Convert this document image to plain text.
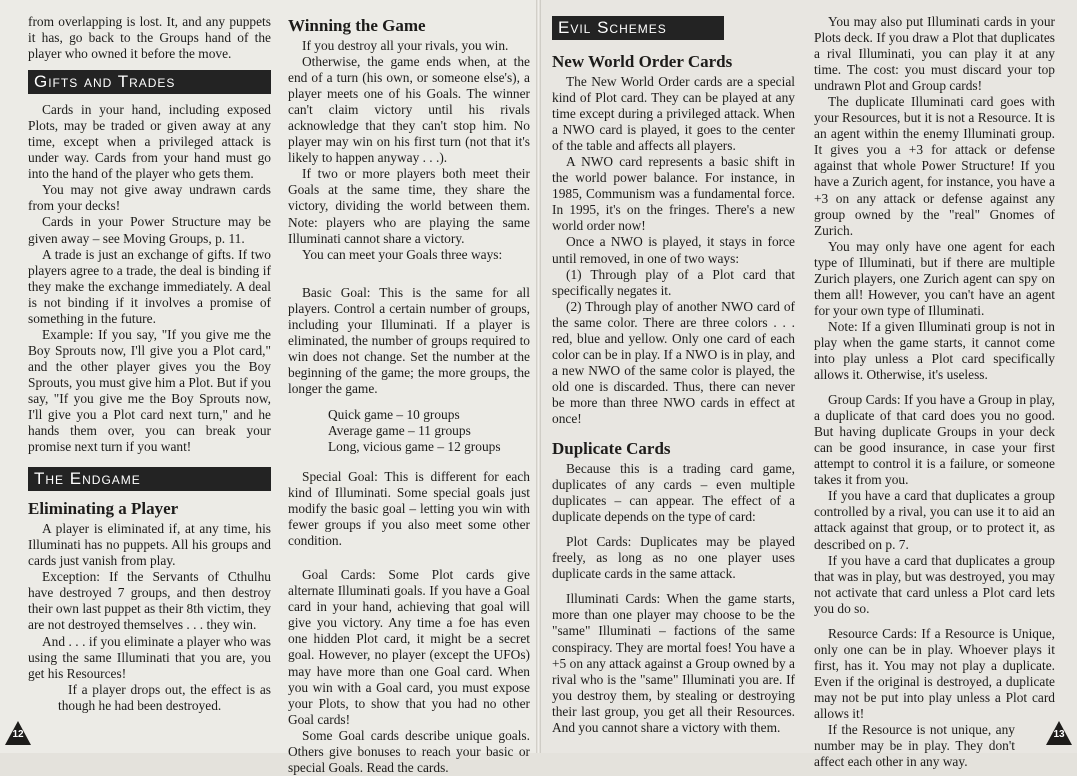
from overlapping is lost. It, and any puppets it has, go back to the Groups hand of the player who owned it before the move.

Gifts and Trades

Cards in your hand, including exposed Plots, may be traded or given away at any time, except when a privileged attack is under way. Cards from your hand must go into the hand of the player who gets them.

You may not give away undrawn cards from your decks!

Cards in your Power Structure may be given away – see Moving Groups, p. 11.

A trade is just an exchange of gifts. If two players agree to a trade, the deal is binding if they make the exchange immediately. A deal is not binding if it involves a promise of something in the future.

Example: If you say, "If you give me the Boy Sprouts now, I'll give you a Plot card," and the other player gives you the Boy Sprouts, you must give him a Plot. But if you say, "If you give me the Boy Sprouts now, I'll give you a Plot card next turn," and he hands them over, you can break your promise next turn if you want!

The Endgame
Eliminating a Player

A player is eliminated if, at any time, his Illuminati has no puppets. All his groups and cards just vanish from play.

Exception: If the Servants of Cthulhu have destroyed 7 groups, and then destroy their own last puppet as their 8th victim, they are not destroyed themselves . . . they win.

And . . . if you eliminate a player who was using the same Illuminati that you are, you get his Resources!

If a player drops out, the effect is as though he had been destroyed.

Winning the Game

If you destroy all your rivals, you win.

Otherwise, the game ends when, at the end of a turn (his own, or someone else's), a player meets one of his Goals. The winner can't claim victory until his rivals acknowledge that they can't stop him. No player may win on his first turn (not that it's likely to happen anyway . . .).

If two or more players both meet their Goals at the same time, they share the victory, dividing the world between them. Note: players who are playing the same Illuminati cannot share a victory.

You can meet your Goals three ways:

Basic Goal: This is the same for all players. Control a certain number of groups, including your Illuminati. If a player is eliminated, the number of groups required to win does not change. Set the number at the beginning of the game; the more groups, the longer the game.

Quick game – 10 groups
Average game – 11 groups
Long, vicious game – 12 groups

Special Goal: This is different for each kind of Illuminati. Some special goals just modify the basic goal – letting you win with fewer groups if you also meet some other condition.

Goal Cards: Some Plot cards give alternate Illuminati goals. If you have a Goal card in your hand, achieving that goal will give you victory. Any time a foe has even one hidden Plot card, it might be a secret goal. However, no player (except the UFOs) may have more than one Goal card. When you win with a Goal card, you must expose your Plots, to show that you had no other Goal cards!

Some Goal cards describe unique goals. Others give bonuses to reach your basic or special Goals. Read the cards.

12
Evil Schemes
New World Order Cards

The New World Order cards are a special kind of Plot card. They can be played at any time except during a privileged attack. When a NWO card is played, it goes to the center of the table and affects all players.

A NWO card represents a basic shift in the world power balance. For instance, in 1985, Communism was a fundamental force. In 1995, it's on the fringes. There's a new world order now!

Once a NWO is played, it stays in force until removed, in one of two ways:

(1) Through play of a Plot card that specifically negates it.

(2) Through play of another NWO card of the same color. There are three colors . . . red, blue and yellow. Only one card of each color can be in play. If a NWO is in play, and a new NWO of the same color is played, the old one is discarded. Thus, there can never be more than three NWO cards in effect at once!

Duplicate Cards

Because this is a trading card game, duplicates of any cards – even multiple duplicates – can appear. The effect of a duplicate depends on the type of card:

Plot Cards: Duplicates may be played freely, as long as no one player uses duplicate cards in the same attack.

Illuminati Cards: When the game starts, more than one player may choose to be the "same" Illuminati – factions of the same conspiracy. They are mortal foes! You have a +5 on any attack against a Group owned by a rival who is the "same" Illuminati you are. If you destroy them, by stealing or destroying their last group, you get all their Resources. And you cannot share a victory with them.

You may also put Illuminati cards in your Plots deck. If you draw a Plot that duplicates a rival Illuminati, you can play it at any time. The cost: you must discard your top undrawn Plot and Group cards!

The duplicate Illuminati card goes with your Resources, but it is not a Resource. It is an agent within the enemy Illuminati group. It gives you a +3 for attack or defense against that whole Power Structure! If you have a Zurich agent, for instance, you have a +3 on any attack or defense against any group owned by the "real" Gnomes of Zurich.

You may only have one agent for each type of Illuminati, but if there are multiple Zurich players, one Zurich agent can spy on them all! However, you can't have an agent for your own type of Illuminati.

Note: If a given Illuminati group is not in play when the game starts, it cannot come into play unless a Plot card specifically allows it. Otherwise, it's useless.

Group Cards: If you have a Group in play, a duplicate of that card does you no good. But having duplicate Groups in your deck can be good insurance, in case your first attempt to control it is a failure, or someone takes it from you.

If you have a card that duplicates a group controlled by a rival, you can use it to aid an attack against that group, or to protect it, as described on p. 7.

If you have a card that duplicates a group that was in play, but was destroyed, you may not activate that card unless a Plot card lets you do so.

Resource Cards: If a Resource is Unique, only one can be in play. Whoever plays it first, has it. You may not play a duplicate. Even if the original is destroyed, a duplicate may not be put into play unless a Plot card allows it!

If the Resource is not unique, any number may be in play. They don't affect each other in any way.

13
